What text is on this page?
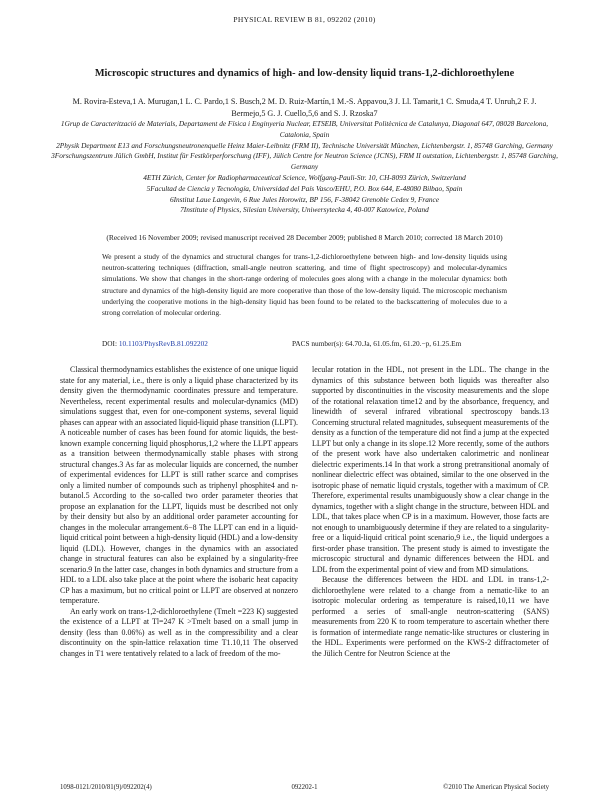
PHYSICAL REVIEW B 81, 092202 (2010)
Microscopic structures and dynamics of high- and low-density liquid trans-1,2-dichloroethylene
M. Rovira-Esteva,1 A. Murugan,1 L. C. Pardo,1 S. Busch,2 M. D. Ruiz-Martín,1 M.-S. Appavou,3 J. Ll. Tamarit,1 C. Smuda,4 T. Unruh,2 F. J. Bermejo,5 G. J. Cuello,5,6 and S. J. Rzoska7

1Grup de Caracterització de Materials, Departament de Física i Enginyeria Nuclear, ETSEIB, Universitat Politècnica de Catalunya, Diagonal 647, 08028 Barcelona, Catalonia, Spain

2Physik Department E13 and Forschungsneutronenquelle Heinz Maier-Leibnitz (FRM II), Technische Universität München, Lichtenbergstr. 1, 85748 Garching, Germany

3Forschungszentrum Jülich GmbH, Institut für Festkörperforschung (IFF), Jülich Centre for Neutron Science (JCNS), FRM II outstation, Lichtenbergstr. 1, 85748 Garching, Germany

4ETH Zürich, Center for Radiopharmaceutical Science, Wolfgang-Pauli-Str. 10, CH-8093 Zürich, Switzerland

5Facultad de Ciencia y Tecnología, Universidad del País Vasco/EHU, P.O. Box 644, E-48080 Bilbao, Spain

6Institut Laue Langevin, 6 Rue Jules Horowitz, BP 156, F-38042 Grenoble Cedex 9, France

7Institute of Physics, Silesian University, Uniwersytecka 4, 40-007 Katowice, Poland

(Received 16 November 2009; revised manuscript received 28 December 2009; published 8 March 2010; corrected 18 March 2010)
We present a study of the dynamics and structural changes for trans-1,2-dichloroethylene between high- and low-density liquids using neutron-scattering techniques (diffraction, small-angle neutron scattering, and time of flight spectroscopy) and molecular-dynamics simulations. We show that changes in the short-range ordering of molecules goes along with a change in the molecular dynamics: both structure and dynamics of the high-density liquid are more cooperative than those of the low-density liquid. The microscopic mechanism underlying the cooperative motions in the high-density liquid has been found to be related to the backscattering of molecules due to a strong correlation of molecular ordering.
DOI: 10.1103/PhysRevB.81.092202	PACS number(s): 64.70.Ja, 61.05.fm, 61.20.−p, 61.25.Em

Classical thermodynamics establishes the existence of one unique liquid state for any material, i.e., there is only a liquid phase characterized by its density given the thermodynamic coordinates pressure and temperature. Nevertheless, recent experimental results and molecular-dynamics (MD) simulations suggest that, even for one-component systems, several liquid phases can appear with an associated liquid-liquid phase transition (LLPT). A noticeable number of cases has been found for atomic liquids, the best-known example concerning liquid phosphorus,1,2 where the LLPT appears as a transition between thermodynamically stable phases with strong structural changes.3 As far as molecular liquids are concerned, the number of experimental evidences for LLPT is still rather scarce and comprises only a limited number of compounds such as triphenyl phosphite4 and n-butanol.5 According to the so-called two order parameter theories that propose an explanation for the LLPT, liquids must be described not only by their density but also by an additional order parameter accounting for changes in the molecular arrangement.6−8 The LLPT can end in a liquid-liquid critical point between a high-density liquid (HDL) and a low-density liquid (LDL). However, changes in the dynamics with an associated change in structural features can also be explained by a singularity-free scenario.9 In the latter case, changes in both dynamics and structure from a HDL to a LDL also take place at the point where the isobaric heat capacity CP has a maximum, but no critical point or LLPT are observed at nonzero temperature.

An early work on trans-1,2-dichloroethylene (Tmelt =223 K) suggested the existence of a LLPT at Tl=247 K >Tmelt based on a small jump in density (less than 0.06%) as well as in the compressibility and a clear discontinuity on the spin-lattice relaxation time T1.10,11 The observed changes in T1 were tentatively related to a lack of freedom of the mo-

lecular rotation in the HDL, not present in the LDL. The change in the dynamics of this substance between both liquids was thereafter also supported by discontinuities in the viscosity measurements and the slope of the rotational relaxation time12 and by the absorbance, frequency, and linewidth of several infrared vibrational spectroscopy bands.13 Concerning structural related magnitudes, subsequent measurements of the density as a function of the temperature did not find a jump at the expected LLPT but only a change in its slope.12 More recently, some of the authors of the present work have also undertaken calorimetric and nonlinear dielectric experiments.14 In that work a strong pretransitional anomaly of nonlinear dielectric effect was obtained, similar to the one observed in the isotropic phase of nematic liquid crystals, together with a maximum of CP. Therefore, experimental results unambiguously show a clear change in the dynamics, together with a slight change in the structure, between HDL and LDL, that takes place when CP is in a maximum. However, those facts are not enough to unambiguously determine if they are related to a singularity-free or a liquid-liquid critical point scenario,9 i.e., the liquid undergoes a first-order phase transition. The present study is aimed to investigate the microscopic structural and dynamic differences between the HDL and LDL from the experimental point of view and from MD simulations.

Because the differences between the HDL and LDL in trans-1,2-dichloroethylene were related to a change from a nematic-like to an isotropic molecular ordering as temperature is raised,10,11 we have performed a series of small-angle neutron-scattering (SANS) measurements from 220 K to room temperature to ascertain whether there is formation of intermediate range nematic-like structures or clustering in the HDL. Experiments were performed on the KWS-2 diffractometer of the Jülich Centre for Neutron Science at the

1098-0121/2010/81(9)/092202(4)	092202-1	©2010 The American Physical Society
